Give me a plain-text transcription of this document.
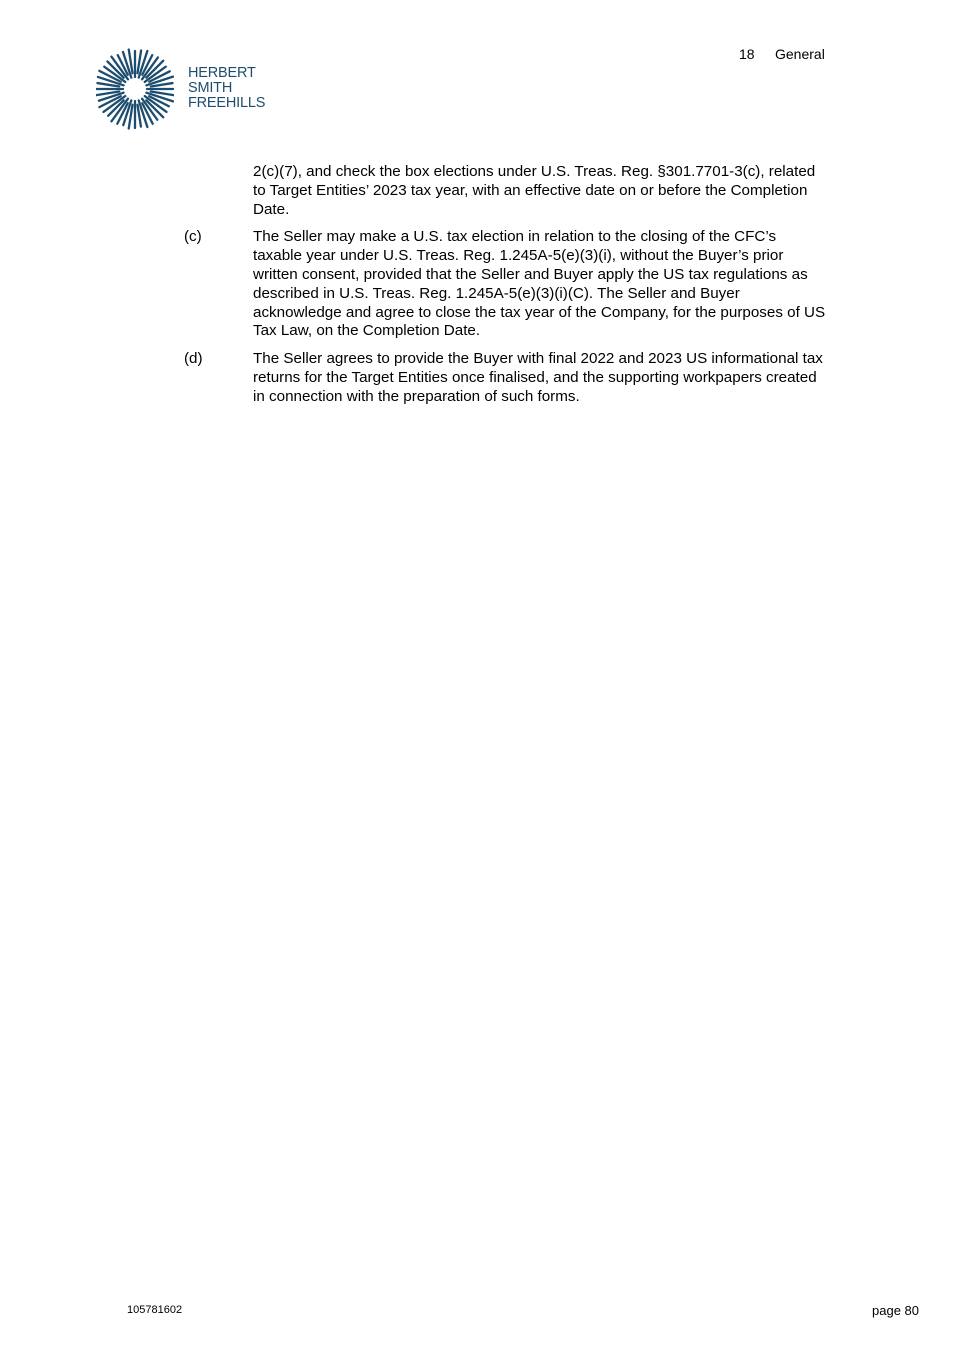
HERBERT
SMITH
FREEHILLS
18 General
2(c)(7), and check the box elections under U.S. Treas. Reg. §301.7701-3(c), related to Target Entities’ 2023 tax year, with an effective date on or before the Completion Date.
(c)	The Seller may make a U.S. tax election in relation to the closing of the CFC’s taxable year under U.S. Treas. Reg. 1.245A-5(e)(3)(i), without the Buyer’s prior written consent, provided that the Seller and Buyer apply the US tax regulations as described in U.S. Treas. Reg. 1.245A-5(e)(3)(i)(C). The Seller and Buyer acknowledge and agree to close the tax year of the Company, for the purposes of US Tax Law, on the Completion Date.
(d)	The Seller agrees to provide the Buyer with final 2022 and 2023 US informational tax returns for the Target Entities once finalised, and the supporting workpapers created in connection with the preparation of such forms.
105781602	page 80
